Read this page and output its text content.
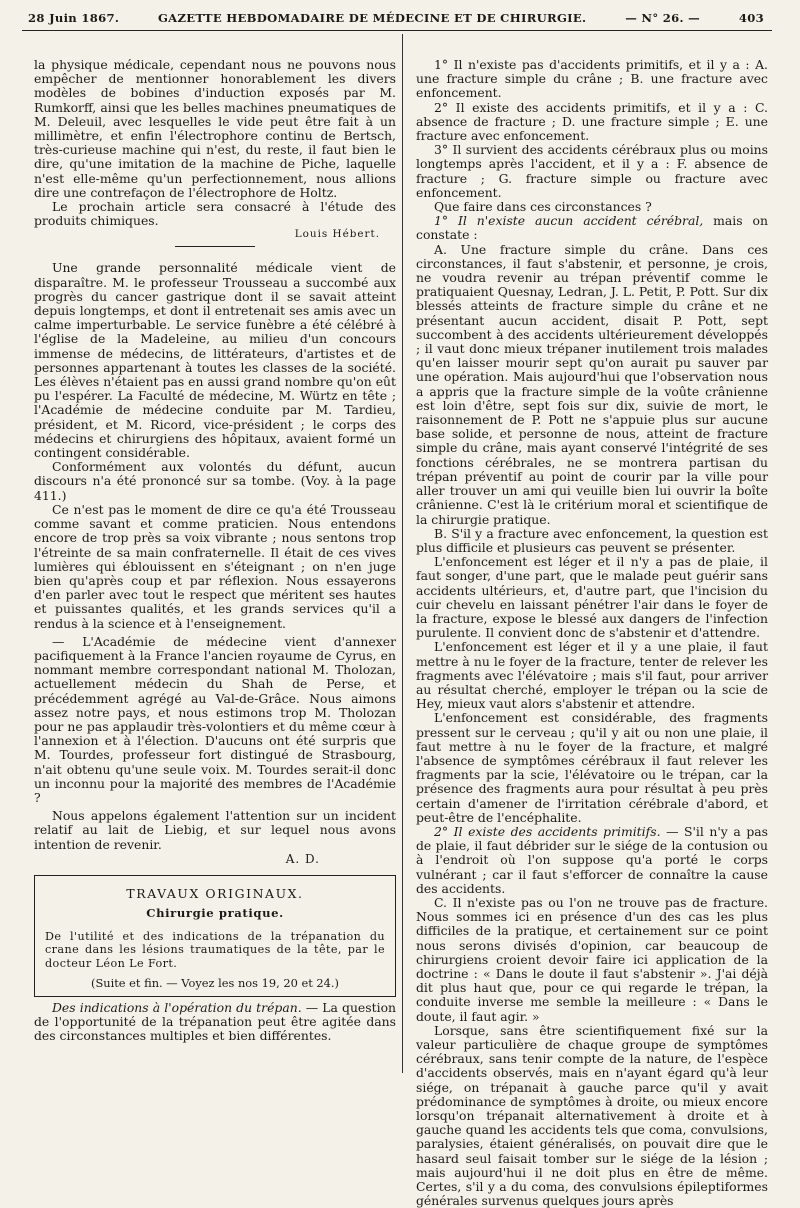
28 Juin 1867.	GAZETTE HEBDOMADAIRE DE MÉDECINE ET DE CHIRURGIE.	— N° 26. —	403

la physique médicale, cependant nous ne pouvons nous empêcher de mentionner honorablement les divers modèles de bobines d'induction exposés par M. Rumkorff, ainsi que les belles machines pneumatiques de M. Deleuil, avec lesquelles le vide peut être fait à un millimètre, et enfin l'électrophore continu de Bertsch, très-curieuse machine qui n'est, du reste, il faut bien le dire, qu'une imitation de la machine de Piche, laquelle n'est elle-même qu'un perfectionnement, nous allions dire une contrefaçon de l'électrophore de Holtz.

Le prochain article sera consacré à l'étude des produits chimiques.

Louis Hébert.

Une grande personnalité médicale vient de disparaître. M. le professeur Trousseau a succombé aux progrès du cancer gastrique dont il se savait atteint depuis longtemps, et dont il entretenait ses amis avec un calme imperturbable. Le service funèbre a été célébré à l'église de la Madeleine, au milieu d'un concours immense de médecins, de littérateurs, d'artistes et de personnes appartenant à toutes les classes de la société. Les élèves n'étaient pas en aussi grand nombre qu'on eût pu l'espérer. La Faculté de médecine, M. Würtz en tête ; l'Académie de médecine conduite par M. Tardieu, président, et M. Ricord, vice-président ; le corps des médecins et chirurgiens des hôpitaux, avaient formé un contingent considérable.

Conformément aux volontés du défunt, aucun discours n'a été prononcé sur sa tombe. (Voy. à la page 411.)

Ce n'est pas le moment de dire ce qu'a été Trousseau comme savant et comme praticien. Nous entendons encore de trop près sa voix vibrante ; nous sentons trop l'étreinte de sa main confraternelle. Il était de ces vives lumières qui éblouissent en s'éteignant ; on n'en juge bien qu'après coup et par réflexion. Nous essayerons d'en parler avec tout le respect que méritent ses hautes et puissantes qualités, et les grands services qu'il a rendus à la science et à l'enseignement.

— L'Académie de médecine vient d'annexer pacifiquement à la France l'ancien royaume de Cyrus, en nommant membre correspondant national M. Tholozan, actuellement médecin du Shah de Perse, et précédemment agrégé au Val-de-Grâce. Nous aimons assez notre pays, et nous estimons trop M. Tholozan pour ne pas applaudir très-volontiers et du même cœur à l'annexion et à l'élection. D'aucuns ont été surpris que M. Tourdes, professeur fort distingué de Strasbourg, n'ait obtenu qu'une seule voix. M. Tourdes serait-il donc un inconnu pour la majorité des membres de l'Académie ?

Nous appelons également l'attention sur un incident relatif au lait de Liebig, et sur lequel nous avons intention de revenir.

A. D.
TRAVAUX ORIGINAUX.
Chirurgie pratique.
De l'utilité et des indications de la trépanation du crane dans les lésions traumatiques de la tête, par le docteur Léon Le Fort.
(Suite et fin. — Voyez les nos 19, 20 et 24.)

Des indications à l'opération du trépan. — La question de l'opportunité de la trépanation peut être agitée dans des circonstances multiples et bien différentes.

1° Il n'existe pas d'accidents primitifs, et il y a : A. une fracture simple du crâne ; B. une fracture avec enfoncement.

2° Il existe des accidents primitifs, et il y a : C. absence de fracture ; D. une fracture simple ; E. une fracture avec enfoncement.

3° Il survient des accidents cérébraux plus ou moins longtemps après l'accident, et il y a : F. absence de fracture ; G. fracture simple ou fracture avec enfoncement.

Que faire dans ces circonstances ?

1° Il n'existe aucun accident cérébral, mais on constate :

A. Une fracture simple du crâne. Dans ces circonstances, il faut s'abstenir, et personne, je crois, ne voudra revenir au trépan préventif comme le pratiquaient Quesnay, Ledran, J. L. Petit, P. Pott. Sur dix blessés atteints de fracture simple du crâne et ne présentant aucun accident, disait P. Pott, sept succombent à des accidents ultérieurement développés ; il vaut donc mieux trépaner inutilement trois malades qu'en laisser mourir sept qu'on aurait pu sauver par une opération. Mais aujourd'hui que l'observation nous a appris que la fracture simple de la voûte crânienne est loin d'être, sept fois sur dix, suivie de mort, le raisonnement de P. Pott ne s'appuie plus sur aucune base solide, et personne de nous, atteint de fracture simple du crâne, mais ayant conservé l'intégrité de ses fonctions cérébrales, ne se montrera partisan du trépan préventif au point de courir par la ville pour aller trouver un ami qui veuille bien lui ouvrir la boîte crânienne. C'est là le critérium moral et scientifique de la chirurgie pratique.

B. S'il y a fracture avec enfoncement, la question est plus difficile et plusieurs cas peuvent se présenter.

L'enfoncement est léger et il n'y a pas de plaie, il faut songer, d'une part, que le malade peut guérir sans accidents ultérieurs, et, d'autre part, que l'incision du cuir chevelu en laissant pénétrer l'air dans le foyer de la fracture, expose le blessé aux dangers de l'infection purulente. Il convient donc de s'abstenir et d'attendre.

L'enfoncement est léger et il y a une plaie, il faut mettre à nu le foyer de la fracture, tenter de relever les fragments avec l'élévatoire ; mais s'il faut, pour arriver au résultat cherché, employer le trépan ou la scie de Hey, mieux vaut alors s'abstenir et attendre.

L'enfoncement est considérable, des fragments pressent sur le cerveau ; qu'il y ait ou non une plaie, il faut mettre à nu le foyer de la fracture, et malgré l'absence de symptômes cérébraux il faut relever les fragments par la scie, l'élévatoire ou le trépan, car la présence des fragments aura pour résultat à peu près certain d'amener de l'irritation cérébrale d'abord, et peut-être de l'encéphalite.

2° Il existe des accidents primitifs. — S'il n'y a pas de plaie, il faut débrider sur le siége de la contusion ou à l'endroit où l'on suppose qu'a porté le corps vulnérant ; car il faut s'efforcer de connaître la cause des accidents.

C. Il n'existe pas ou l'on ne trouve pas de fracture. Nous sommes ici en présence d'un des cas les plus difficiles de la pratique, et certainement sur ce point nous serons divisés d'opinion, car beaucoup de chirurgiens croient devoir faire ici application de la doctrine : « Dans le doute il faut s'abstenir ». J'ai déjà dit plus haut que, pour ce qui regarde le trépan, la conduite inverse me semble la meilleure : « Dans le doute, il faut agir. »

Lorsque, sans être scientifiquement fixé sur la valeur particulière de chaque groupe de symptômes cérébraux, sans tenir compte de la nature, de l'espèce d'accidents observés, mais en n'ayant égard qu'à leur siége, on trépanait à gauche parce qu'il y avait prédominance de symptômes à droite, ou mieux encore lorsqu'on trépanait alternativement à droite et à gauche quand les accidents tels que coma, convulsions, paralysies, étaient généralisés, on pouvait dire que le hasard seul faisait tomber sur le siége de la lésion ; mais aujourd'hui il ne doit plus en être de même. Certes, s'il y a du coma, des convulsions épileptiformes générales survenus quelques jours après
